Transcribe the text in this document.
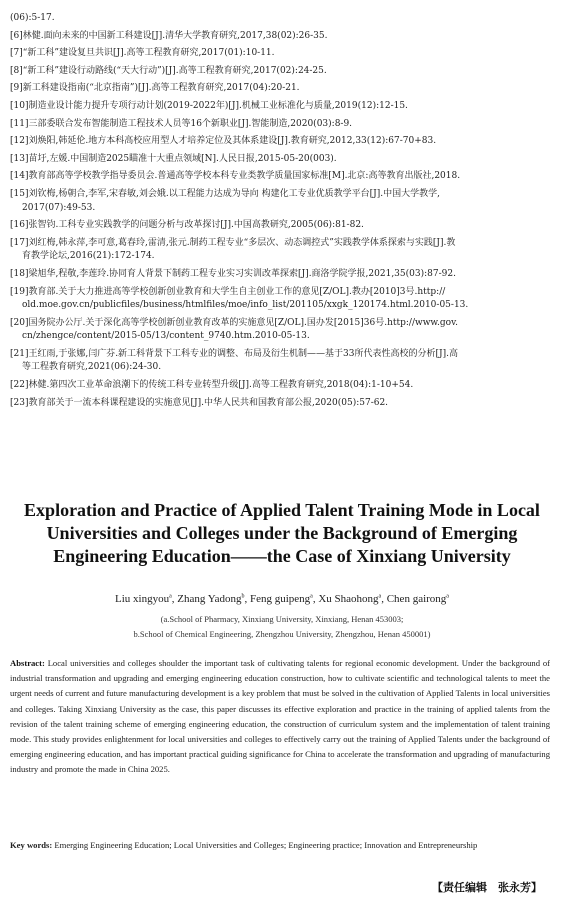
(06):5-17.
[6]林健.面向未来的中国新工科建设[J].清华大学教育研究,2017,38(02):26-35.
[7]“新工科”建设复旦共识[J].高等工程教育研究,2017(01):10-11.
[8]“新工科”建设行动路线(“天大行动”)[J].高等工程教育研究,2017(02):24-25.
[9]新工科建设指南(“北京指南”)[J].高等工程教育研究,2017(04):20-21.
[10]制造业设计能力提升专项行动计划(2019-2022年)[J].机械工业标准化与质量,2019(12):12-15.
[11]三部委联合发布智能制造工程技术人员等16个新职业[J].智能制造,2020(03):8-9.
[12]刘焕阳,韩延伦.地方本科高校应用型人才培养定位及其体系建设[J].教育研究,2012,33(12):67-70+83.
[13]苗圩,左媛.中国制造2025瞄准十大重点领域[N].人民日报,2015-05-20(003).
[14]教育部高等学校教学指导委员会.普通高等学校本科专业类教学质量国家标准[M].北京:高等教育出版社,2018.
[15]刘钦梅,杨朝合,李军,宋春敏,刘会娥.以工程能力达成为导向 构建化工专业优质教学平台[J].中国大学教学,
2017(07):49-53.
[16]张智钧.工科专业实践教学的问题分析与改革探讨[J].中国高教研究,2005(06):81-82.
[17]刘红梅,韩永萍,李可意,葛春玲,雷清,张元.制药工程专业“多层次、动态调控式”实践教学体系探索与实践[J].教
育教学论坛,2016(21):172-174.
[18]梁旭华,程敬,李莲玲.协同育人背景下制药工程专业实习实训改革探索[J].商洛学院学报,2021,35(03):87-92.
[19]教育部.关于大力推进高等学校创新创业教育和大学生自主创业工作的意见[Z/OL].教办[2010]3号.http://
old.moe.gov.cn/publicfiles/business/htmlfiles/moe/info_list/201105/xxgk_120174.html.2010-05-13.
[20]国务院办公厅.关于深化高等学校创新创业教育改革的实施意见[Z/OL].国办发[2015]36号.http://www.gov.
cn/zhengce/content/2015-05/13/content_9740.htm.2010-05-13.
[21]王红雨,于张娜,闫广芬.新工科背景下工科专业的调整、布局及衍生机制——基于33所代表性高校的分析[J].高
等工程教育研究,2021(06):24-30.
[22]林健.第四次工业革命浪潮下的传统工科专业转型升级[J].高等工程教育研究,2018(04):1-10+54.
[23]教育部关于一流本科课程建设的实施意见[J].中华人民共和国教育部公报,2020(05):57-62.
Exploration and Practice of Applied Talent Training Mode in Local Universities and Colleges under the Background of Emerging Engineering Education——the Case of Xinxiang University
Liu xingyou$^a$, Zhang Yadong$^b$, Feng guipeng$^a$, Xu Shaohong$^a$, Chen gairong$^a$
(a.School of Pharmacy, Xinxiang University, Xinxiang, Henan 453003;
b.School of Chemical Engineering, Zhengzhou University, Zhengzhou, Henan 450001)
Abstract: Local universities and colleges shoulder the important task of cultivating talents for regional economic development. Under the background of industrial transformation and upgrading and emerging engineering education construction, how to cultivate scientific and technological talents to meet the urgent needs of current and future manufacturing development is a key problem that must be solved in the cultivation of Applied Talents in local universities and colleges. Taking Xinxiang University as the case, this paper discusses its effective exploration and practice in the training of applied talents from the revision of the talent training scheme of emerging engineering education, the construction of curriculum system and the implementation of talent training mode. This study provides enlightenment for local universities and colleges to effectively carry out the training of Applied Talents under the background of emerging engineering education, and has important practical guiding significance for China to accelerate the transformation and upgrading of manufacturing industry and promote the made in China 2025.
Key words: Emerging Engineering Education; Local Universities and Colleges; Engineering practice; Innovation and Entrepreneurship
【责任编辑　张永芳】
